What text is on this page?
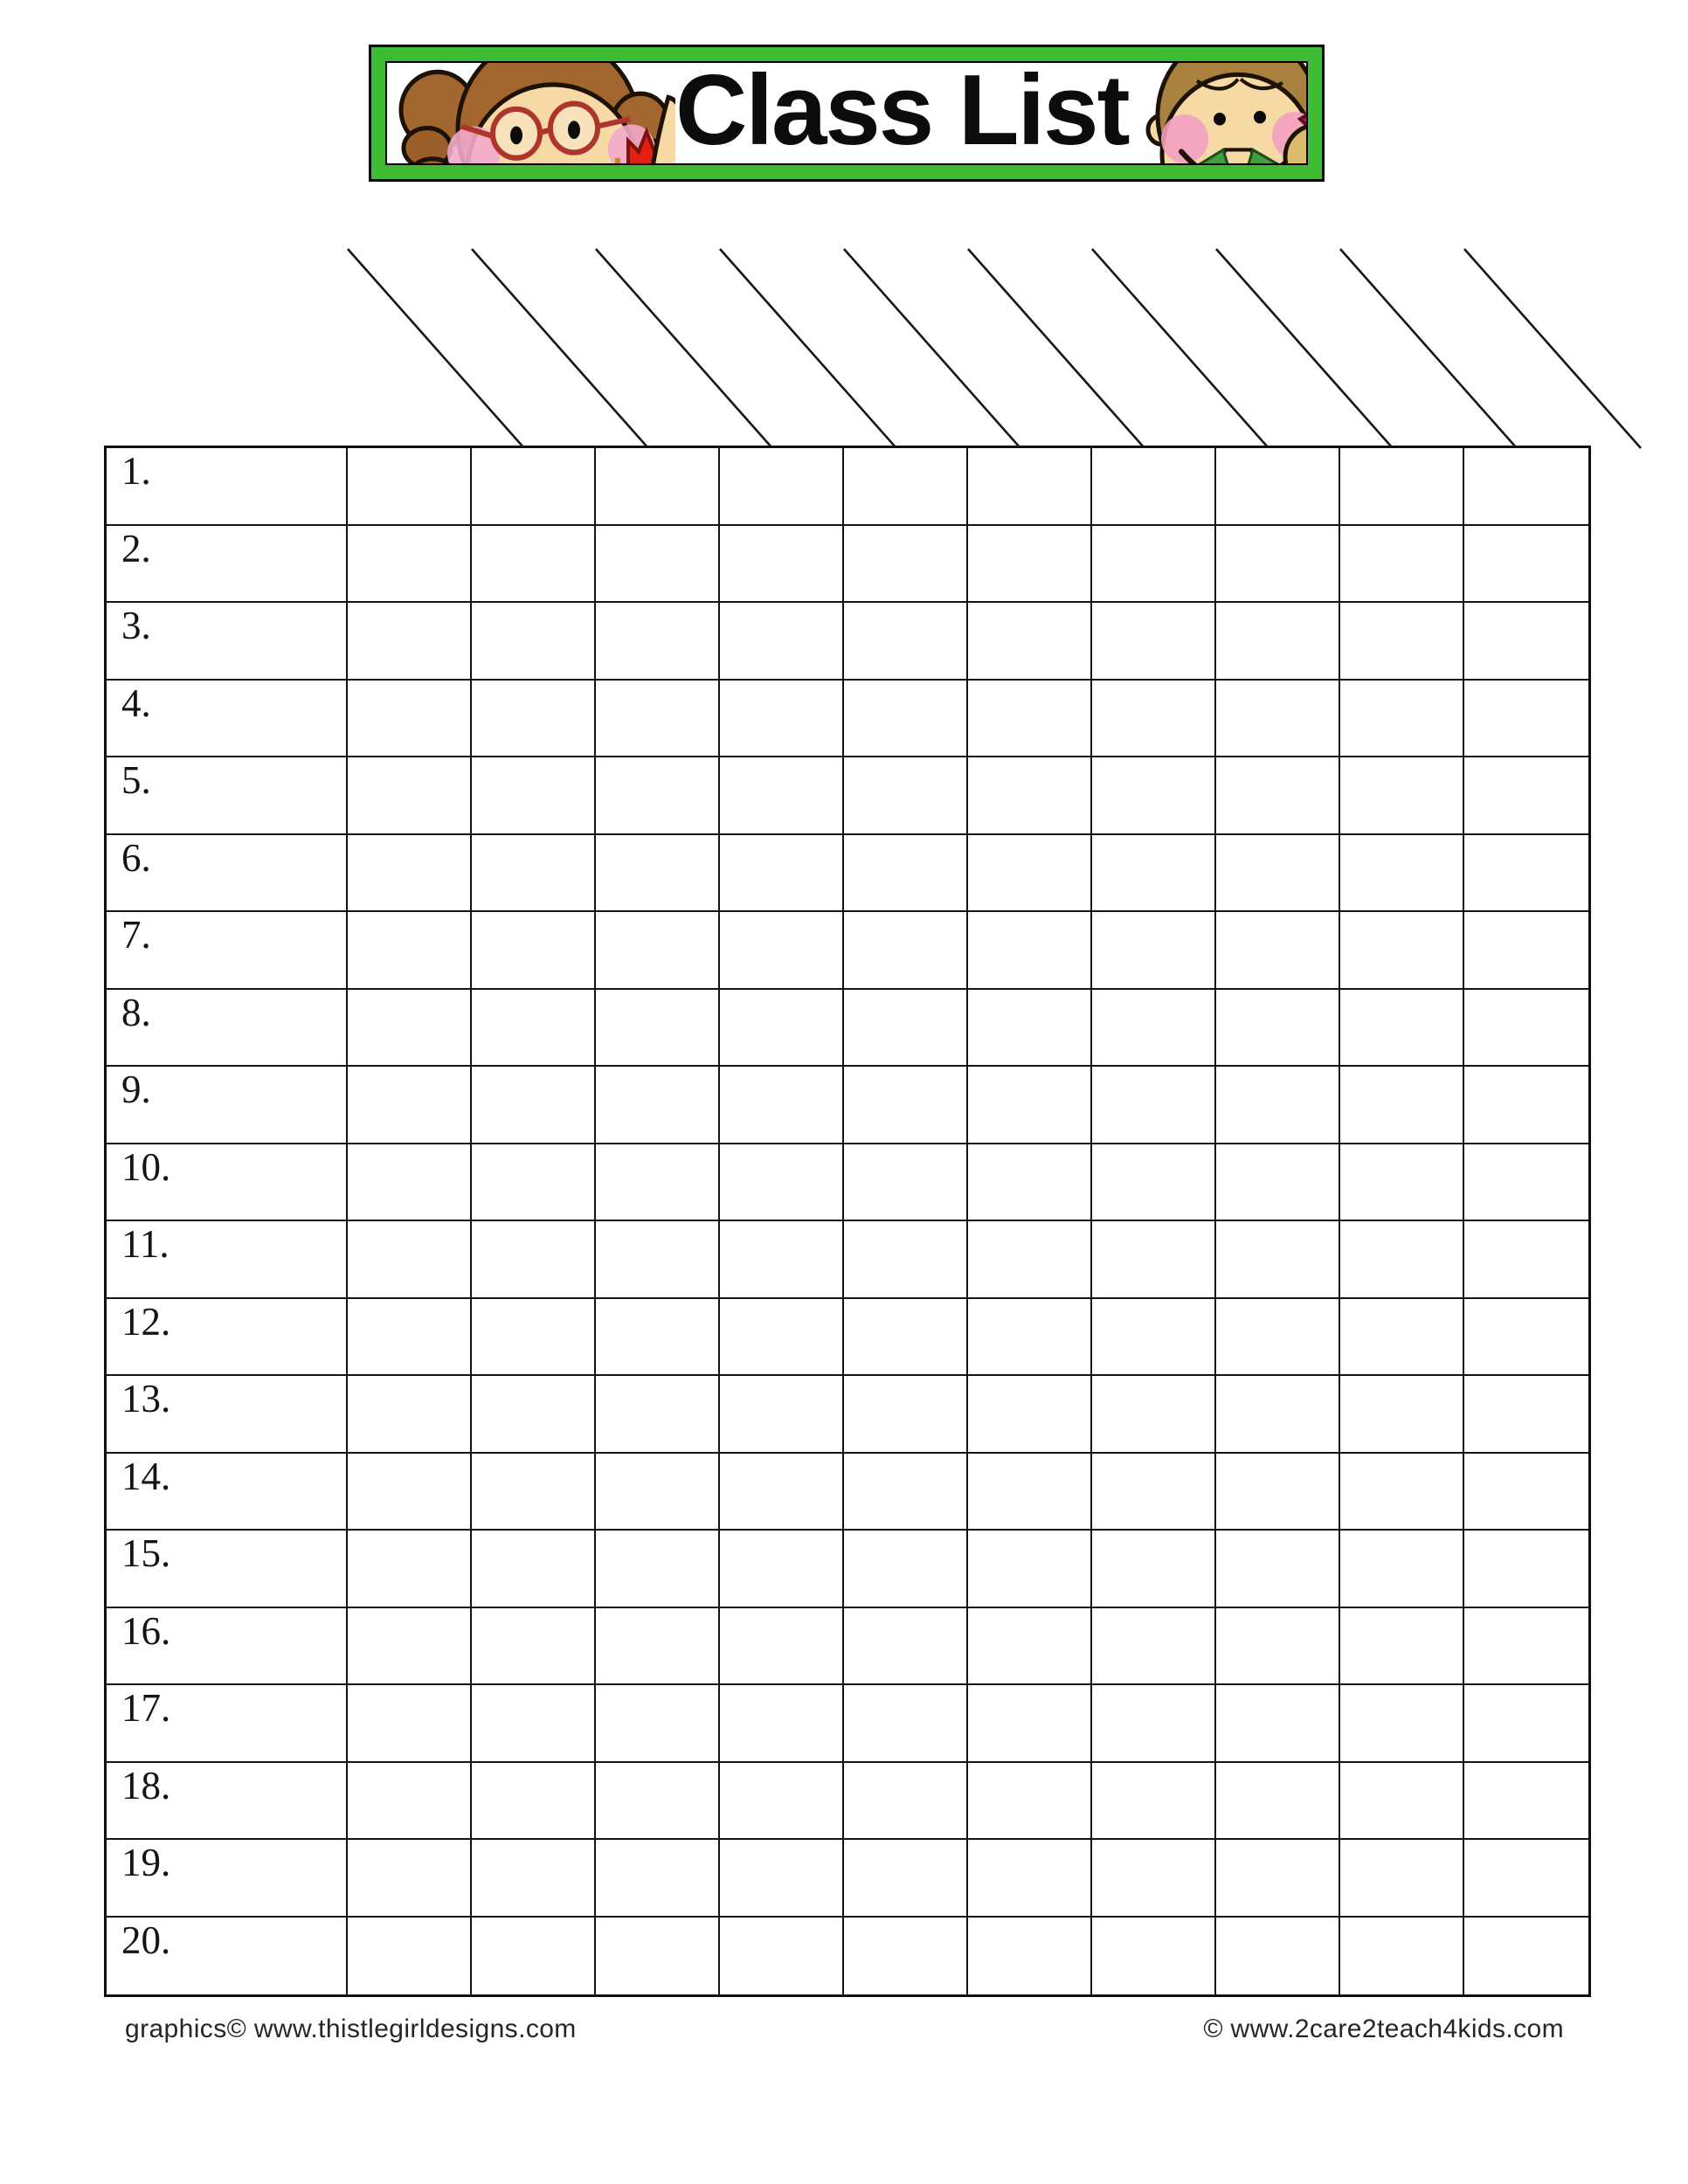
Class List
1.
2.
3.
4.
5.
6.
7.
8.
9.
10.
11.
12.
13.
14.
15.
16.
17.
18.
19.
20.
graphics© www.thistlegirldesigns.com	© www.2care2teach4kids.com
